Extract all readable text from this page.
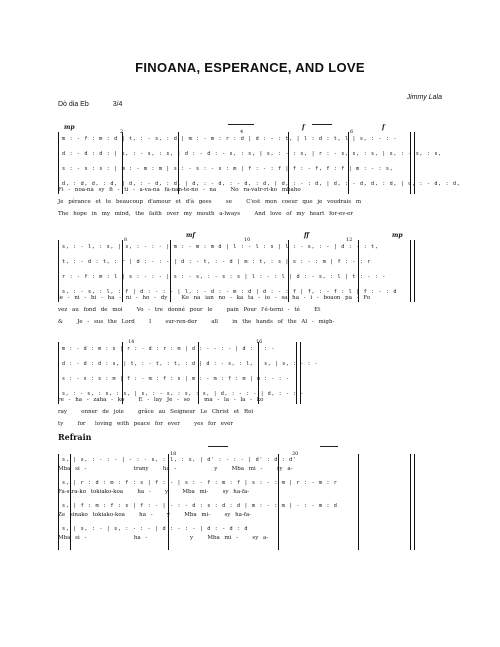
FINOANA, ESPERANCE, AND LOVE
Jimmy Lala
Dò dia Eb	3/4
mp
2	4
f
6
f
m : - f : m : d | t, : - s, : d | m : - m : r : d | d : - : t, | l : d : t, l | s, : - : -
d : - d : d : | s, : - s, : s, | d : - d : - s, : s, | s, : - : s, | r : - s, s, : s, | s, : - s, : s,
s : - s : s : | m : - m : m | s : - s : - s : m | f : - : f | f : - f, f : f | m : - : s,
d, : d, d, : d, | d, : - d, : d, | d, : - d, : - d, : d, | d, : - : d, | d, : - d, d, : d, | d, : - d, : d,
Fi - noa-na sy fi - ti - a-va-na fa-nan-te-no - na   No ra-vatr-ri-ko mbaho
Je pérance et te beaucoup d'amour et d'à gees   se   C'est mon coeur que je voudrais m
The hope in my mind, the faith over my mouth a-lways   And love of my heart for-ev-er
8
mf
10
ff
12
mp
s, : - l, : s, | s, : - : - | m : - m : m d | l : - l : s | l : - s, : - | d : - : t,
t, : - d : t, : r | d : - : - | d : - t, : - d | m : t, : s | s : - : m | f : - : r
r : - f : m : l | s : - : - | s : - s, : - s : s | l : - : l | d : - s, : l | t : - : -
s, : - s, : l, : f | d : - : - | l, : - d : - m : d | d : - : f | f, : - f : l | f : - : d
le - ni - bi - ha - ni - ho - dy   Ko na ian no - ka ta - io - sa ha - i - boaon pa - Fo
vez au fond de moi   Vo - tre donné pour le   pain Pour l'é-terni - té   Et
&   Je - sus the Lord   I   sur-ren-der   all   in the hands of the Al - migh-
14	16
m : - d : m : s | r : - d : r : m | d : - - : - | d : - : -
d : - d : d : s, | t, : - t, : t, : d | d : - s, : l, : s, | s, : - : -
s : - s : s : m | f : - m : f : s | m : - m : f : m | m : - : -
s, : - s, : s, : s, | s, : - s, : s, : s, | d, : - : - | d, : - : -
re - ha - zaha - ko   E - lay Je - so   ma - la - la - ko
ray   onner de joie   grâce au Seigneur Le Christ et Roi
ty   for  loving with peace for ever   yes for ever
Refrain
18	20
s, | s, : - : - | - : - s, : l, : s, | d' : - : - | d' : d : d'
Mba si -          trany   ha -        y   Mba mi -   sy a-
s, | r : d : m : f : s | f : - | s : - f : m : f | s : - : m | r : - m : r
Fa-stra-ko tokiako-koa   ha -   y   Mba mi-   sy ha-fa-
s, | f : m : f : s | f : - | - : - d : s : d : d | m : - : m | - : - m : d
Ze sinako tokiako-koa   ha -   y   Mba mi-   sy ha-fa-
s, | s, : - | s, : - : - | d : - : - | d : - d : d
Mba si -          ha -         y   Mba mi -   sy a-
